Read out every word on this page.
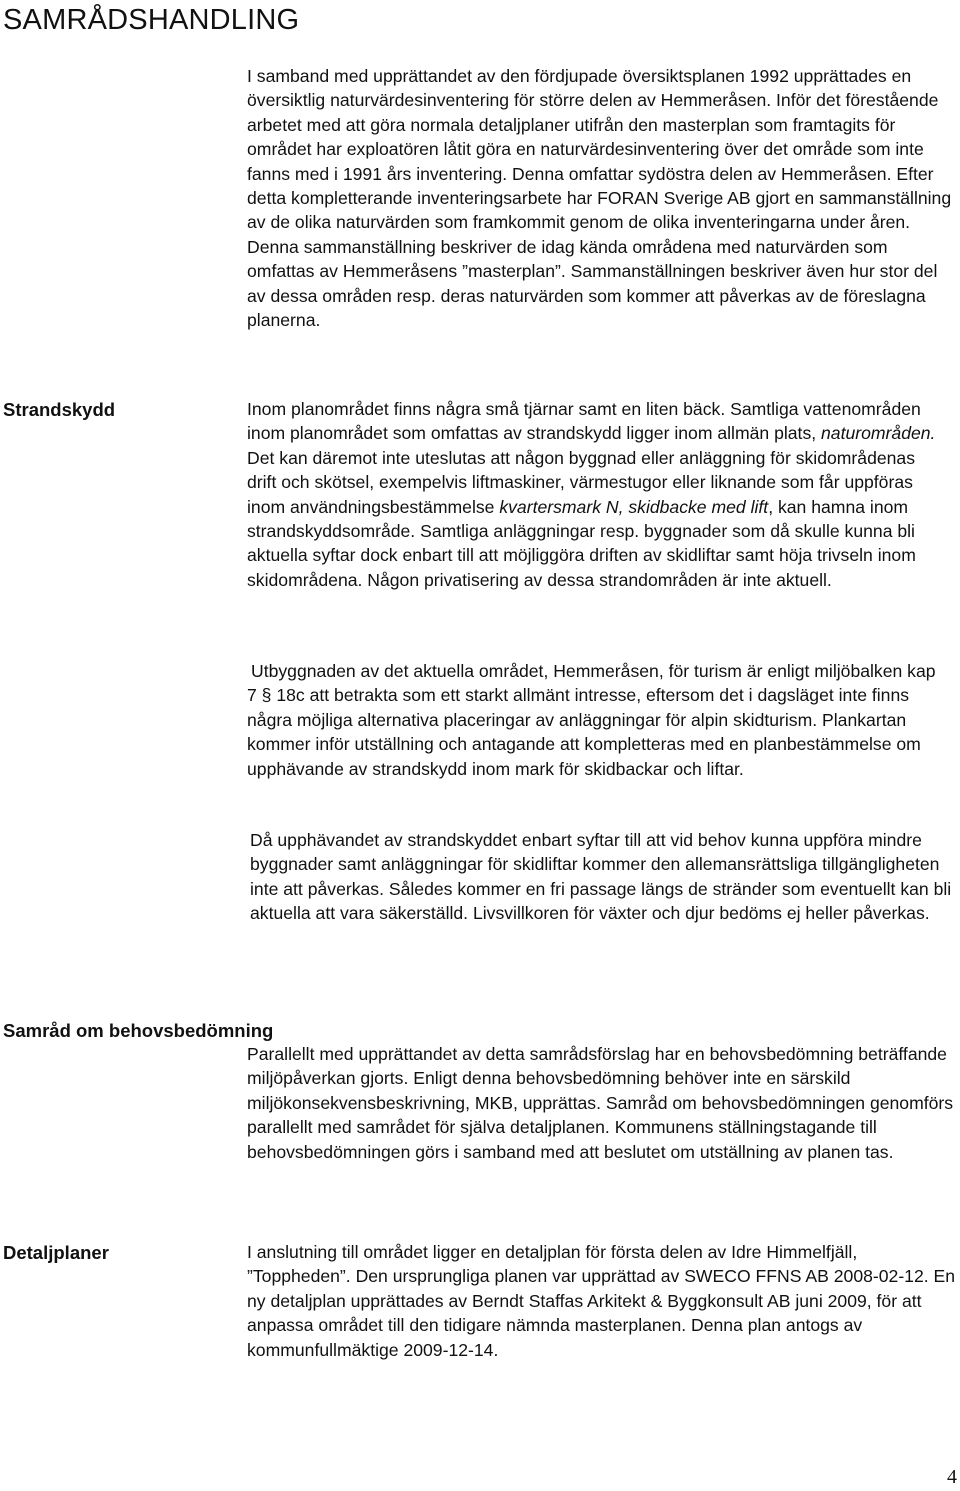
SAMRÅDSHANDLING
I samband med upprättandet av den fördjupade översiktsplanen 1992 upprättades en översiktlig naturvärdesinventering för större delen av Hemmeråsen. Inför det förestående arbetet med att göra normala detaljplaner utifrån den masterplan som framtagits för området har exploatören låtit göra en naturvärdesinventering över det område som inte fanns med i 1991 års inventering. Denna omfattar sydöstra delen av Hemmeråsen. Efter detta kompletterande inventeringsarbete har FORAN Sverige AB gjort en sammanställning av de olika naturvärden som framkommit genom de olika inventeringarna under åren. Denna sammanställning beskriver de idag kända områdena med naturvärden som omfattas av Hemmeråsens ”masterplan”. Sammanställningen beskriver även hur stor del av dessa områden resp. deras naturvärden som kommer att påverkas av de föreslagna planerna.
Strandskydd	Inom planområdet finns några små tjärnar samt en liten bäck. Samtliga vattenområden inom planområdet som omfattas av strandskydd ligger inom allmän plats, naturområden. Det kan däremot inte uteslutas att någon byggnad eller anläggning för skidområdenas drift och skötsel, exempelvis liftmaskiner, värmestugor eller liknande som får uppföras inom användningsbestämmelse kvartersmark N, skidbacke med lift, kan hamna inom strandskyddsområde. Samtliga anläggningar resp. byggnader som då skulle kunna bli aktuella syftar dock enbart till att möjliggöra driften av skidliftar samt höja trivseln inom skidområdena. Någon privatisering av dessa strandområden är inte aktuell.
Utbyggnaden av det aktuella området, Hemmeråsen, för turism är enligt miljöbalken kap 7 § 18c att betrakta som ett starkt allmänt intresse, eftersom det i dagsläget inte finns några möjliga alternativa placeringar av anläggningar för alpin skidturism. Plankartan kommer inför utställning och antagande att kompletteras med en planbestämmelse om upphävande av strandskydd inom mark för skidbackar och liftar.
Då upphävandet av strandskyddet enbart syftar till att vid behov kunna uppföra mindre byggnader samt anläggningar för skidliftar kommer den allemansrättsliga tillgängligheten inte att påverkas. Således kommer en fri passage längs de stränder som eventuellt kan bli aktuella att vara säkerställd. Livsvillkoren för växter och djur bedöms ej heller påverkas.
Samråd om behovsbedömning
Parallellt med upprättandet av detta samrådsförslag har en behovsbedömning beträffande miljöpåverkan gjorts. Enligt denna behovsbedömning behöver inte en särskild miljökonsekvensbeskrivning, MKB, upprättas. Samråd om behovsbedömningen genomförs parallellt med samrådet för själva detaljplanen. Kommunens ställningstagande till behovsbedömningen görs i samband med att beslutet om utställning av planen tas.
Detaljplaner	I anslutning till området ligger en detaljplan för första delen av Idre Himmelfjäll, ”Toppheden”. Den ursprungliga planen var upprättad av SWECO FFNS AB 2008-02-12. En ny detaljplan upprättades av Berndt Staffas Arkitekt & Byggkonsult AB juni 2009, för att anpassa området till den tidigare nämnda masterplanen. Denna plan antogs av kommunfullmäktige 2009-12-14.
4
